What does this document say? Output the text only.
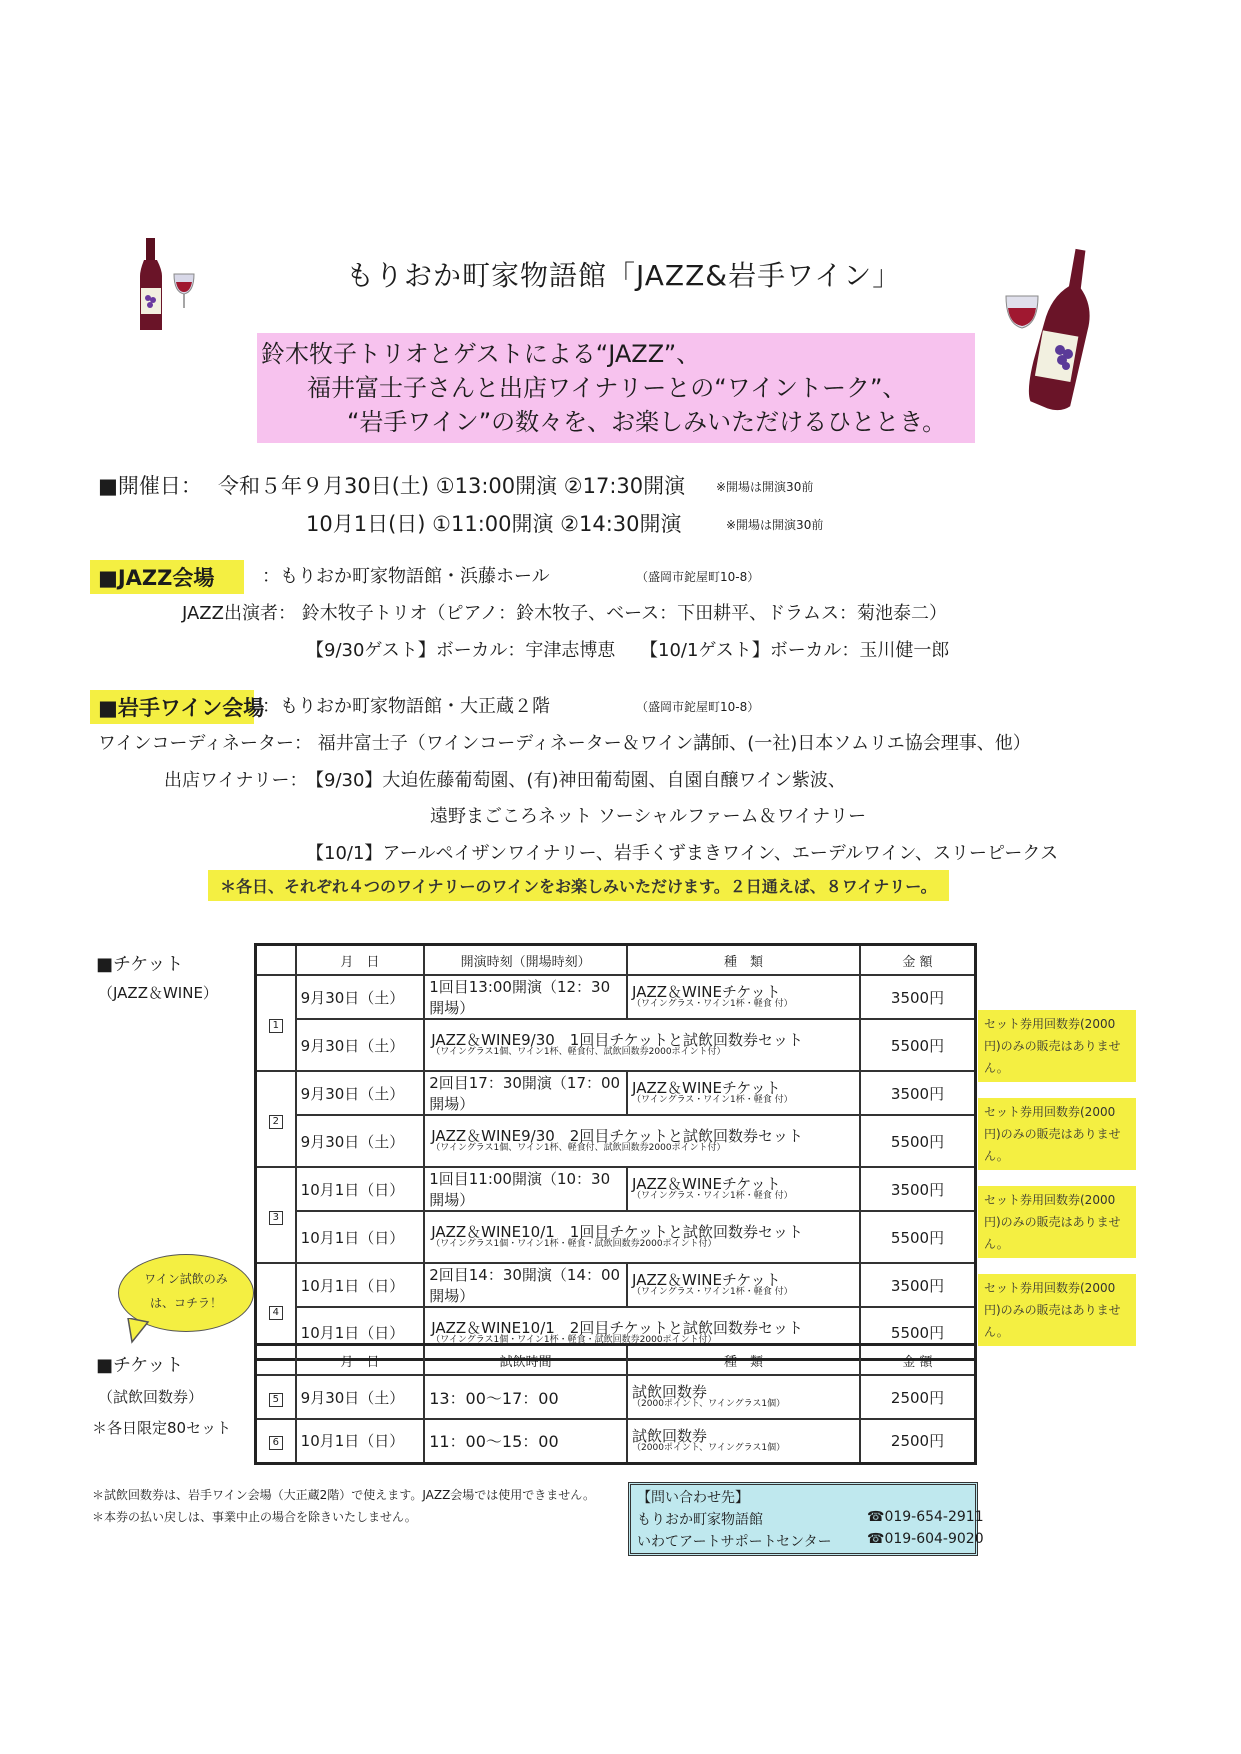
もりおか町家物語館「JAZZ&岩手ワイン」
鈴木牧子トリオとゲストによる“JAZZ”、
福井富士子さんと出店ワイナリーとの“ワイントーク”、
“岩手ワイン”の数々を、お楽しみいただけるひととき。
■開催日： 令和５年９月30日(土) ①13:00開演 ②17:30開演	※開場は開演30前
10月1日(日) ①11:00開演 ②14:30開演	※開場は開演30前
■JAZZ会場	：もりおか町家物語館・浜藤ホール	（盛岡市鉈屋町10-8）
JAZZ出演者： 鈴木牧子トリオ（ピアノ：鈴木牧子、ベース：下田耕平、ドラムス：菊池泰二）
【9/30ゲスト】ボーカル：宇津志博恵 【10/1ゲスト】ボーカル：玉川健一郎
■岩手ワイン会場
：もりおか町家物語館・大正蔵２階	（盛岡市鉈屋町10-8）
ワインコーディネーター： 福井富士子（ワインコーディネーター＆ワイン講師、(一社)日本ソムリエ協会理事、他）
出店ワイナリー：
【9/30】大迫佐藤葡萄園、(有)神田葡萄園、自園自醸ワイン紫波、
遠野まごころネット ソーシャルファーム＆ワイナリー
【10/1】アールペイザンワイナリー、岩手くずまきワイン、エーデルワイン、スリーピークス
＊各日、それぞれ４つのワイナリーのワインをお楽しみいただけます。２日通えば、８ワイナリー。
■チケット
（JAZZ＆WINE）
	月　日	開演時刻（開場時刻）	種　類	金 額
1	9月30日（土）	1回目13:00開演（12：30開場）	JAZZ＆WINEチケット
（ワイングラス・ワイン1杯・軽食 付）	3500円
	9月30日（土）	JAZZ＆WINE9/30　1回目チケットと試飲回数券セット
（ワイングラス1個、ワイン1杯、軽食付、試飲回数券2000ポイント付）		5500円
2	9月30日（土）	2回目17：30開演（17：00開場）	JAZZ＆WINEチケット
（ワイングラス・ワイン1杯・軽食 付）	3500円
	9月30日（土）	JAZZ＆WINE9/30　2回目チケットと試飲回数券セット
（ワイングラス1個、ワイン1杯、軽食付、試飲回数券2000ポイント付）		5500円
3	10月1日（日）	1回目11:00開演（10：30開場）	JAZZ＆WINEチケット
（ワイングラス・ワイン1杯・軽食 付）	3500円
	10月1日（日）	JAZZ＆WINE10/1　1回目チケットと試飲回数券セット
（ワイングラス1個・ワイン1杯・軽食・試飲回数券2000ポイント付）		5500円
4	10月1日（日）	2回目14：30開演（14：00開場）	JAZZ＆WINEチケット
（ワイングラス・ワイン1杯・軽食 付）	3500円
	10月1日（日）	JAZZ＆WINE10/1　2回目チケットと試飲回数券セット
（ワイングラス1個・ワイン1杯・軽食・試飲回数券2000ポイント付）		5500円
セット券用回数券(2000円)のみの販売はありません。
セット券用回数券(2000円)のみの販売はありません。
セット券用回数券(2000円)のみの販売はありません。
セット券用回数券(2000円)のみの販売はありません。
ワイン試飲のみ
は、コチラ！
■チケット
（試飲回数券）
＊各日限定80セット
	月　日	試飲時間	種　類	金 額
5	9月30日（土）	13：00〜17：00	試飲回数券
（2000ポイント、ワイングラス1個）	2500円
6	10月1日（日）	11：00〜15：00	試飲回数券
（2000ポイント、ワイングラス1個）	2500円
＊試飲回数券は、岩手ワイン会場（大正蔵2階）で使えます。JAZZ会場では使用できません。
＊本券の払い戻しは、事業中止の場合を除きいたしません。
【問い合わせ先】
もりおか町家物語館	☎019-654-2911
いわてアートサポートセンター	☎019-604-9020
